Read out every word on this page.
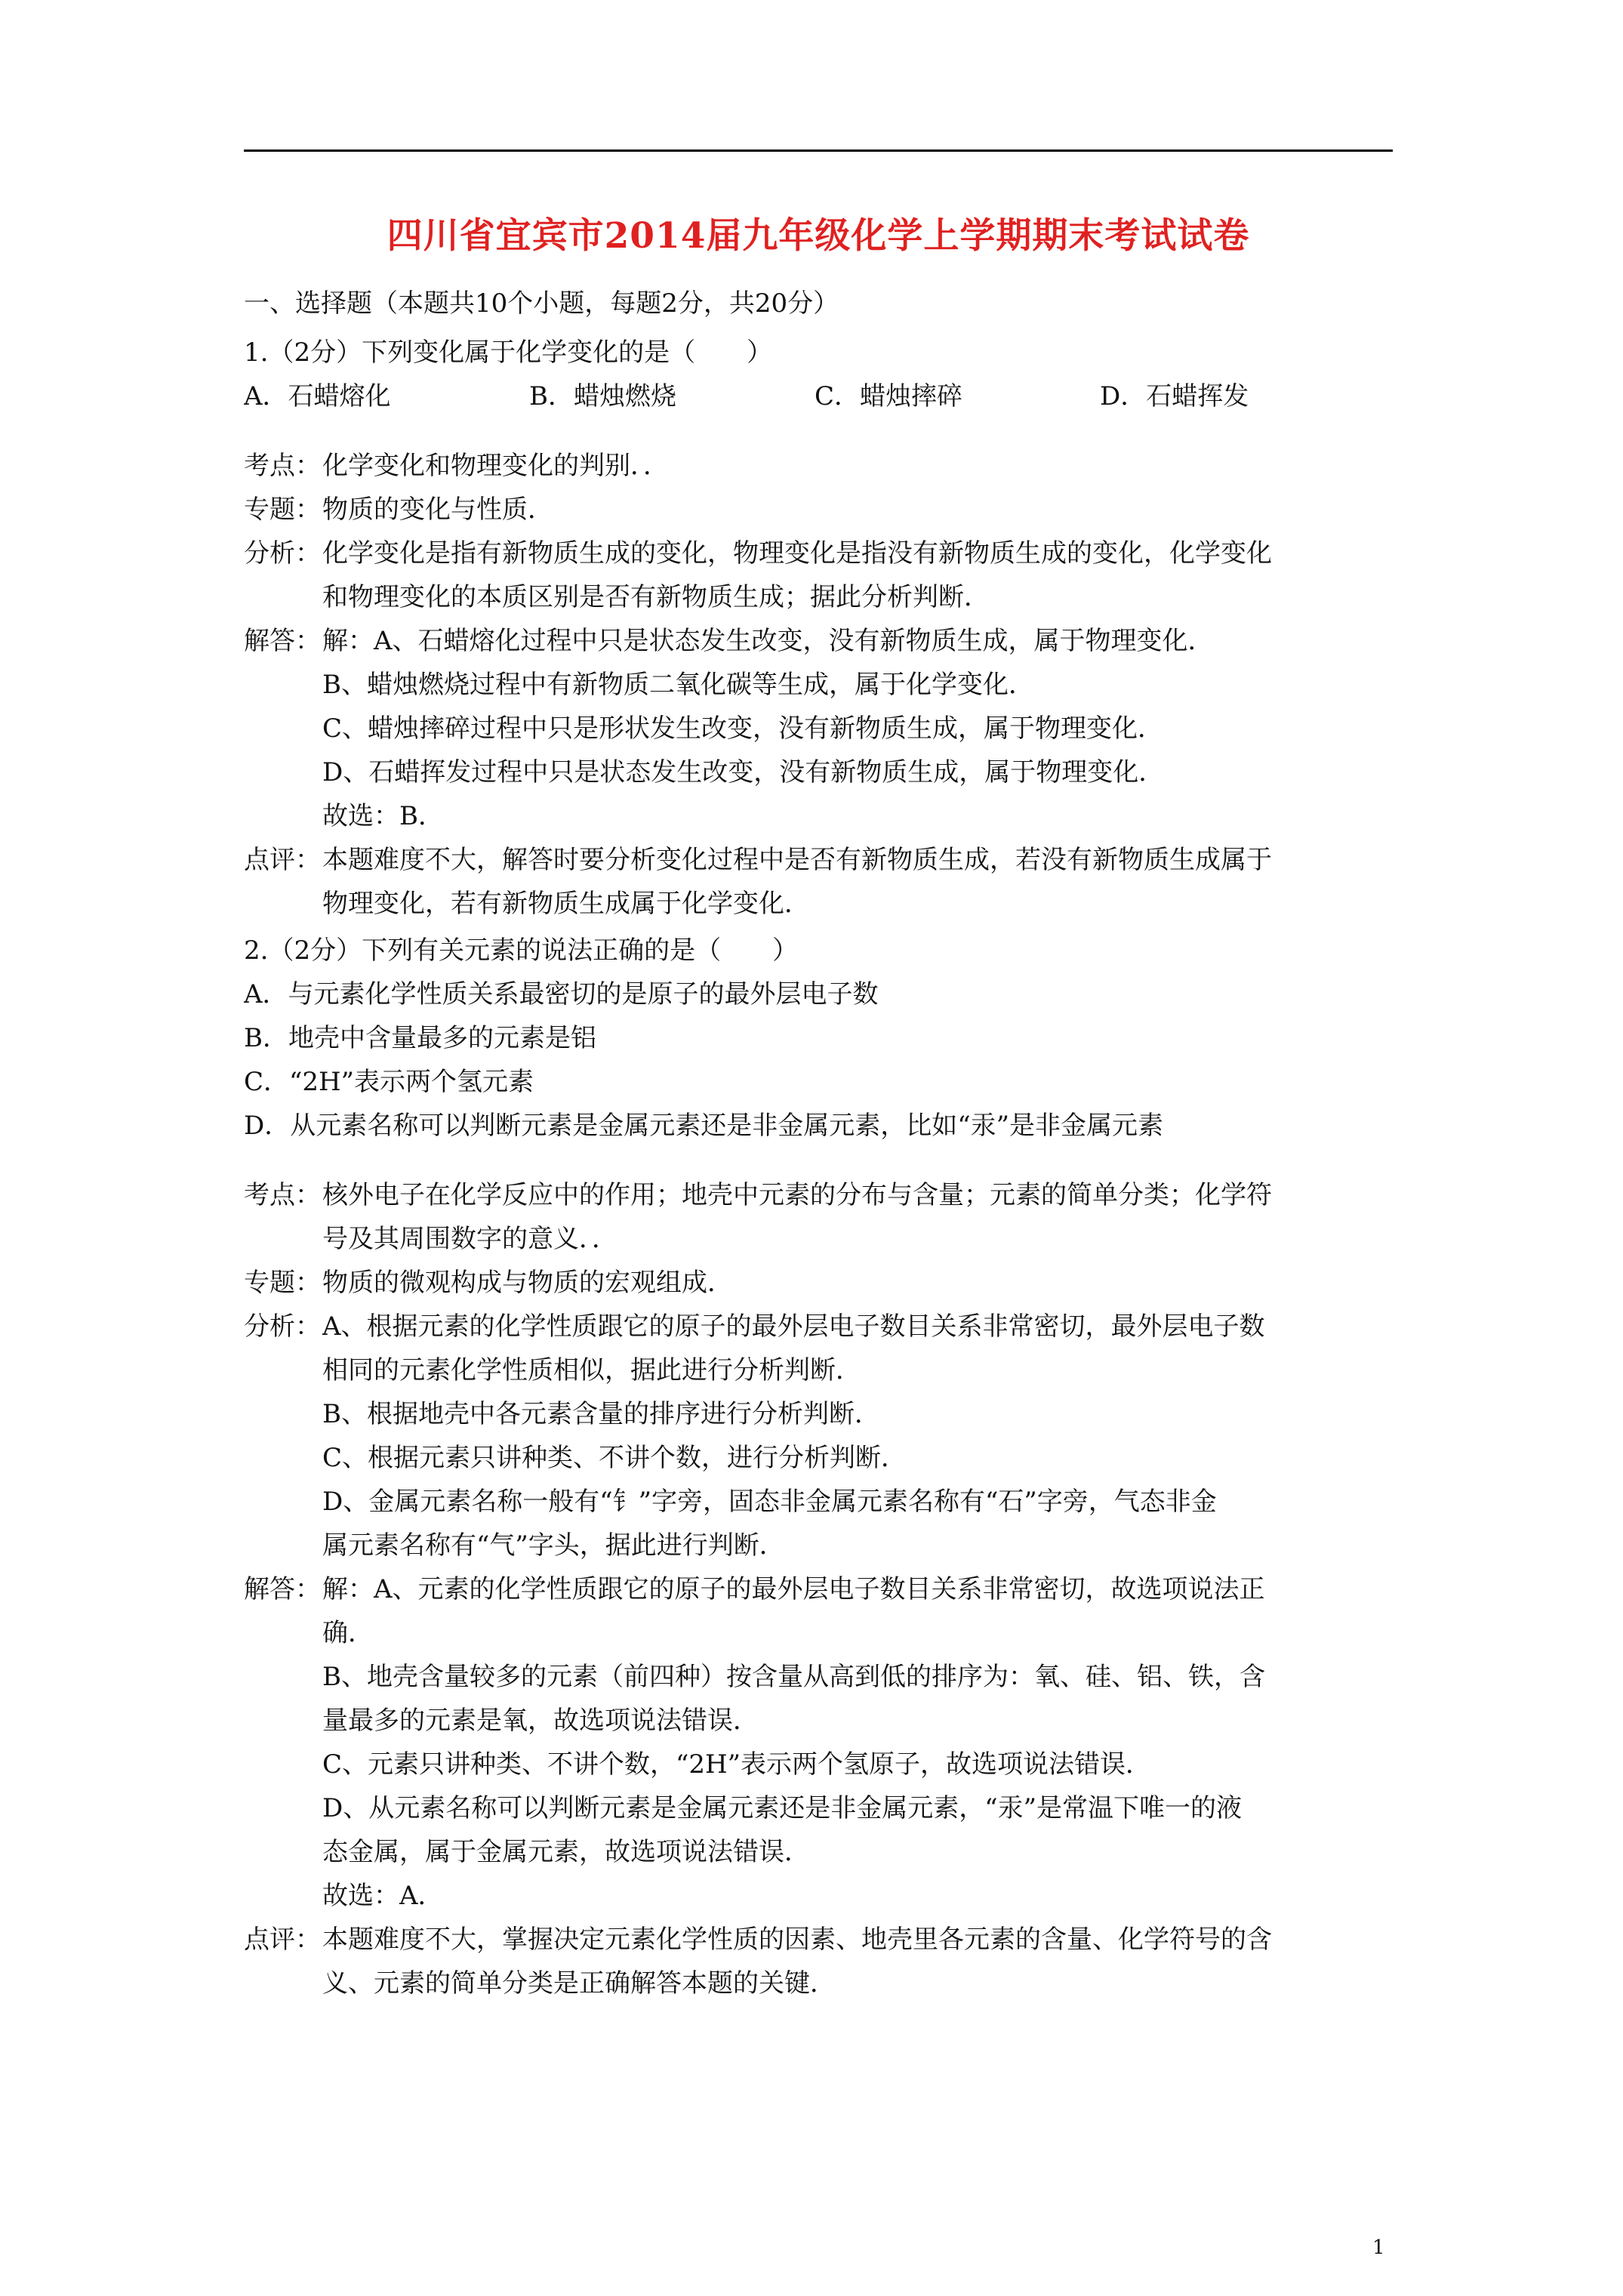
四川省宜宾市2014届九年级化学上学期期末考试试卷
一、选择题（本题共10个小题，每题2分，共20分）
1.（2分）下列变化属于化学变化的是（　　）
A．石蜡熔化	B．蜡烛燃烧	C．蜡烛摔碎	D．石蜡挥发
考点： 化学变化和物理变化的判别．．
专题： 物质的变化与性质．
分析： 化学变化是指有新物质生成的变化，物理变化是指没有新物质生成的变化，化学变化
和物理变化的本质区别是否有新物质生成；据此分析判断．
解答： 解：A、石蜡熔化过程中只是状态发生改变，没有新物质生成，属于物理变化．
B、蜡烛燃烧过程中有新物质二氧化碳等生成，属于化学变化．
C、蜡烛摔碎过程中只是形状发生改变，没有新物质生成，属于物理变化．
D、石蜡挥发过程中只是状态发生改变，没有新物质生成，属于物理变化．
故选：B．
点评： 本题难度不大，解答时要分析变化过程中是否有新物质生成，若没有新物质生成属于
物理变化，若有新物质生成属于化学变化．
2.（2分）下列有关元素的说法正确的是（　　）
A．与元素化学性质关系最密切的是原子的最外层电子数
B．地壳中含量最多的元素是铝
C．“2H”表示两个氢元素
D．从元素名称可以判断元素是金属元素还是非金属元素，比如“汞”是非金属元素
考点： 核外电子在化学反应中的作用；地壳中元素的分布与含量；元素的简单分类；化学符
号及其周围数字的意义．．
专题： 物质的微观构成与物质的宏观组成．
分析： A、根据元素的化学性质跟它的原子的最外层电子数目关系非常密切，最外层电子数
相同的元素化学性质相似，据此进行分析判断．
B、根据地壳中各元素含量的排序进行分析判断．
C、根据元素只讲种类、不讲个数，进行分析判断．
D、金属元素名称一般有“钅”字旁，固态非金属元素名称有“石”字旁，气态非金
属元素名称有“气”字头，据此进行判断．
解答： 解：A、元素的化学性质跟它的原子的最外层电子数目关系非常密切，故选项说法正
确．
B、地壳含量较多的元素（前四种）按含量从高到低的排序为：氧、硅、铝、铁，含
量最多的元素是氧，故选项说法错误．
C、元素只讲种类、不讲个数，“2H”表示两个氢原子，故选项说法错误．
D、从元素名称可以判断元素是金属元素还是非金属元素，“汞”是常温下唯一的液
态金属，属于金属元素，故选项说法错误．
故选：A．
点评： 本题难度不大，掌握决定元素化学性质的因素、地壳里各元素的含量、化学符号的含
义、元素的简单分类是正确解答本题的关键．
1
